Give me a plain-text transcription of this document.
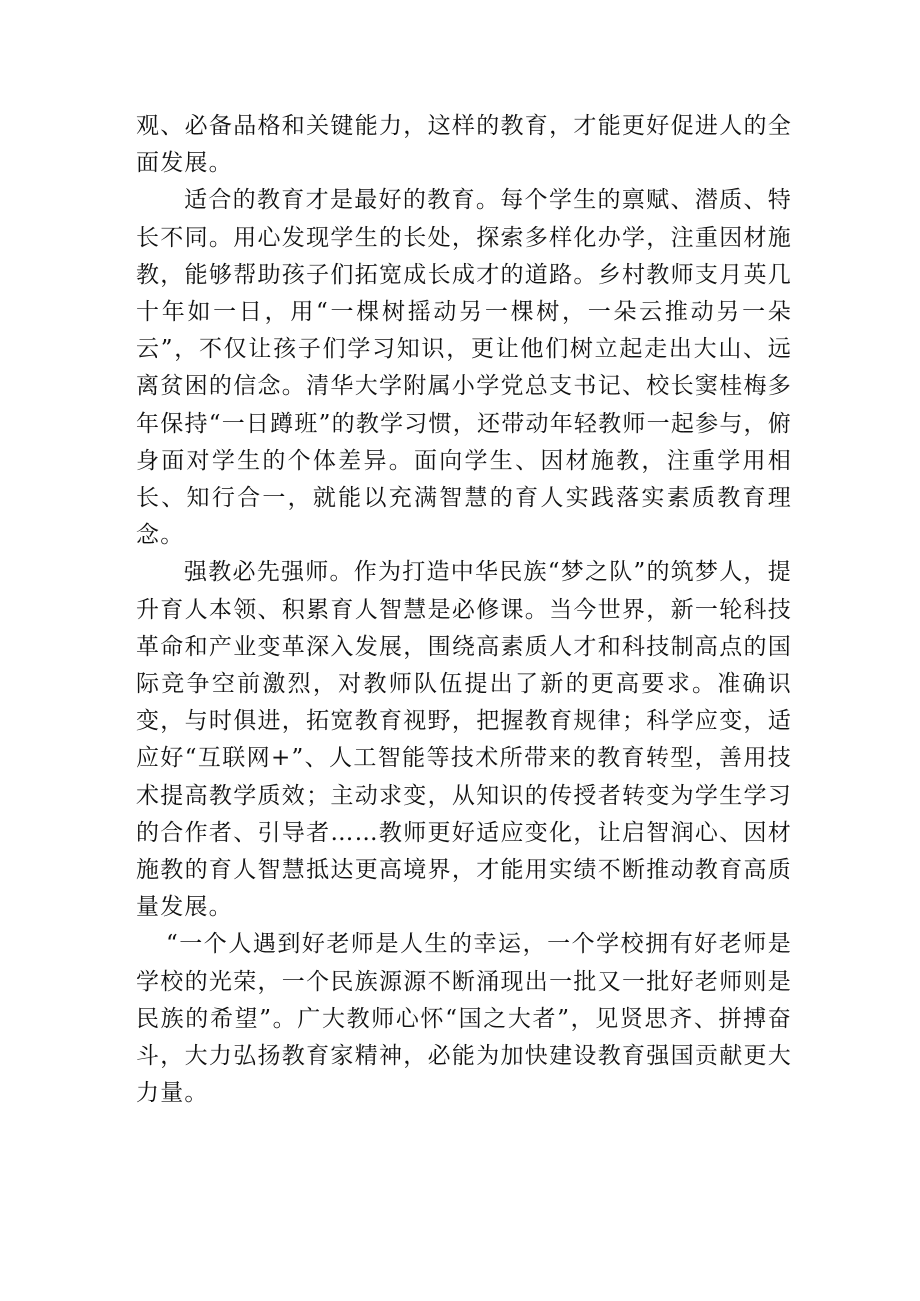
观、必备品格和关键能力，这样的教育，才能更好促进人的全面发展。

适合的教育才是最好的教育。每个学生的禀赋、潜质、特长不同。用心发现学生的长处，探索多样化办学，注重因材施教，能够帮助孩子们拓宽成长成才的道路。乡村教师支月英几十年如一日，用“一棵树摇动另一棵树，一朵云推动另一朵云”，不仅让孩子们学习知识，更让他们树立起走出大山、远离贫困的信念。清华大学附属小学党总支书记、校长窦桂梅多年保持“一日蹲班”的教学习惯，还带动年轻教师一起参与，俯身面对学生的个体差异。面向学生、因材施教，注重学用相长、知行合一，就能以充满智慧的育人实践落实素质教育理念。

强教必先强师。作为打造中华民族“梦之队”的筑梦人，提升育人本领、积累育人智慧是必修课。当今世界，新一轮科技革命和产业变革深入发展，围绕高素质人才和科技制高点的国际竞争空前激烈，对教师队伍提出了新的更高要求。准确识变，与时俱进，拓宽教育视野，把握教育规律；科学应变，适应好“互联网+”、人工智能等技术所带来的教育转型，善用技术提高教学质效；主动求变，从知识的传授者转变为学生学习的合作者、引导者……教师更好适应变化，让启智润心、因材施教的育人智慧抵达更高境界，才能用实绩不断推动教育高质量发展。

“一个人遇到好老师是人生的幸运，一个学校拥有好老师是学校的光荣，一个民族源源不断涌现出一批又一批好老师则是民族的希望”。广大教师心怀“国之大者”，见贤思齐、拼搏奋斗，大力弘扬教育家精神，必能为加快建设教育强国贡献更大力量。
